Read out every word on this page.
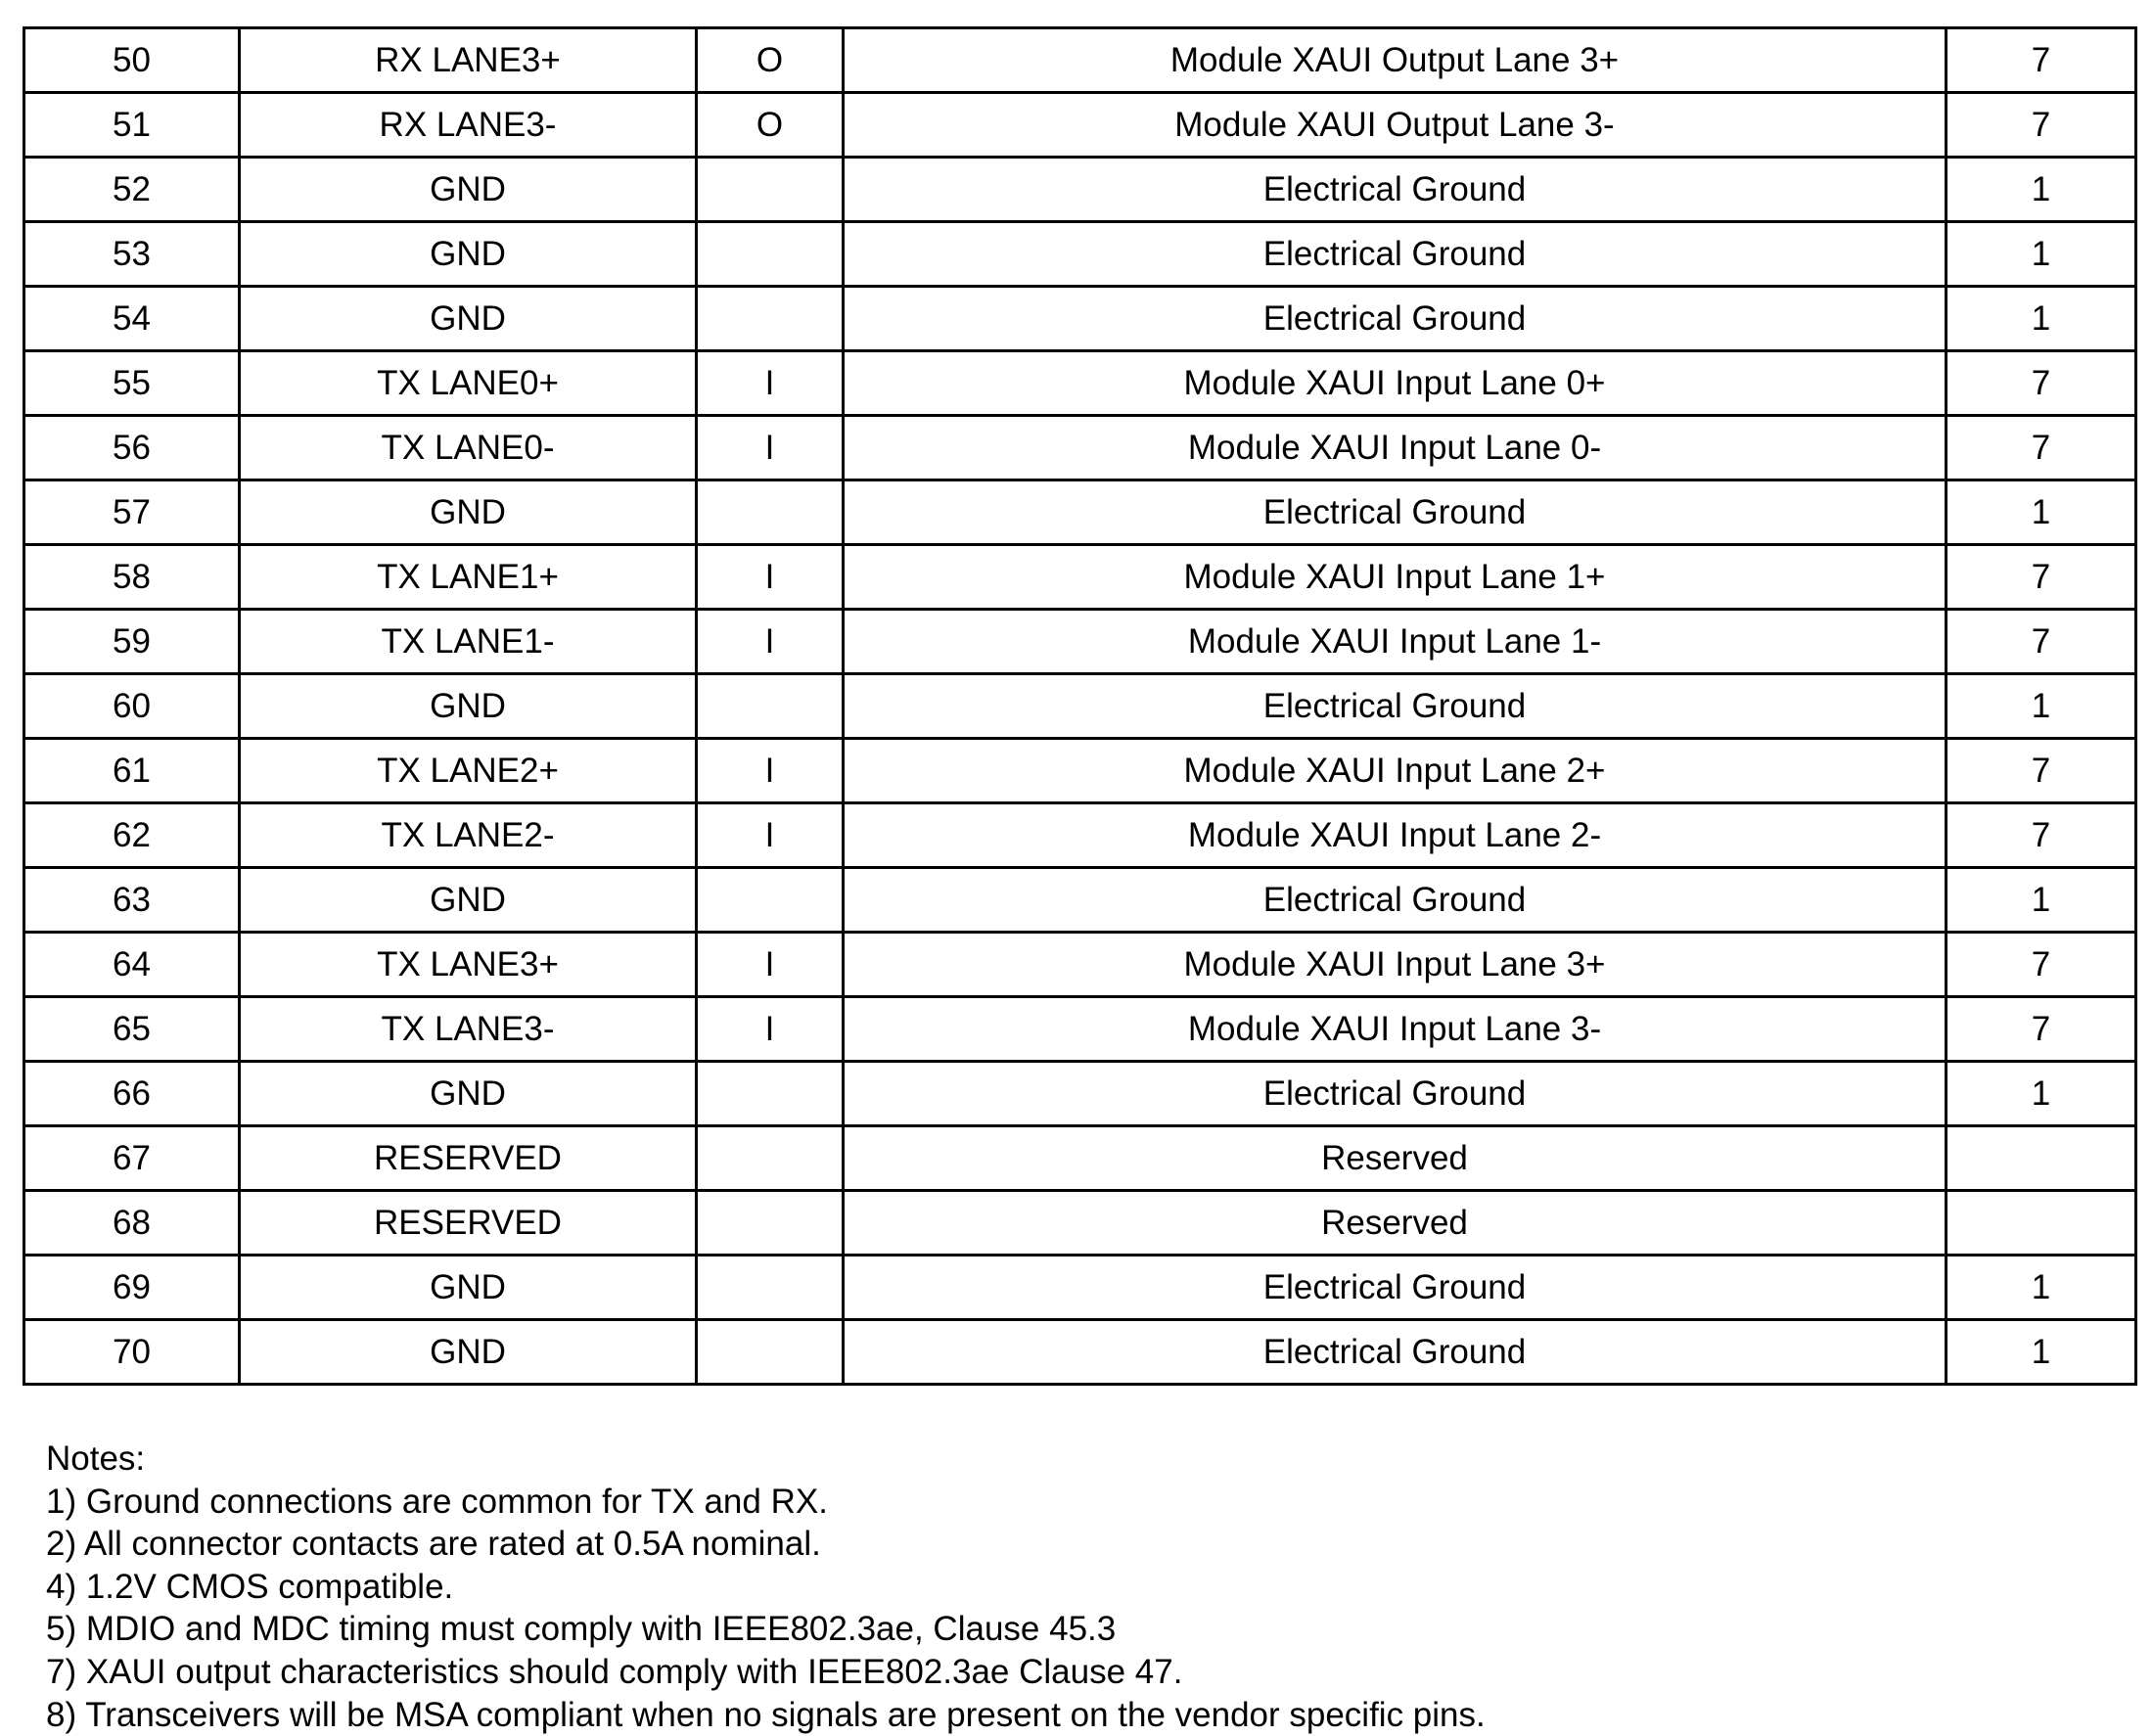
50	RX LANE3+	O	Module XAUI Output Lane 3+	7
51	RX LANE3-	O	Module XAUI Output Lane 3-	7
52	GND		Electrical Ground	1
53	GND		Electrical Ground	1
54	GND		Electrical Ground	1
55	TX LANE0+	I	Module XAUI Input Lane 0+	7
56	TX LANE0-	I	Module XAUI Input Lane 0-	7
57	GND		Electrical Ground	1
58	TX LANE1+	I	Module XAUI Input Lane 1+	7
59	TX LANE1-	I	Module XAUI Input Lane 1-	7
60	GND		Electrical Ground	1
61	TX LANE2+	I	Module XAUI Input Lane 2+	7
62	TX LANE2-	I	Module XAUI Input Lane 2-	7
63	GND		Electrical Ground	1
64	TX LANE3+	I	Module XAUI Input Lane 3+	7
65	TX LANE3-	I	Module XAUI Input Lane 3-	7
66	GND		Electrical Ground	1
67	RESERVED		Reserved	
68	RESERVED		Reserved	
69	GND		Electrical Ground	1
70	GND		Electrical Ground	1
Notes:
1) Ground connections are common for TX and RX.
2) All connector contacts are rated at 0.5A nominal.
4) 1.2V CMOS compatible.
5) MDIO and MDC timing must comply with IEEE802.3ae, Clause 45.3
7) XAUI output characteristics should comply with IEEE802.3ae Clause 47.
8) Transceivers will be MSA compliant when no signals are present on the vendor specific pins.
